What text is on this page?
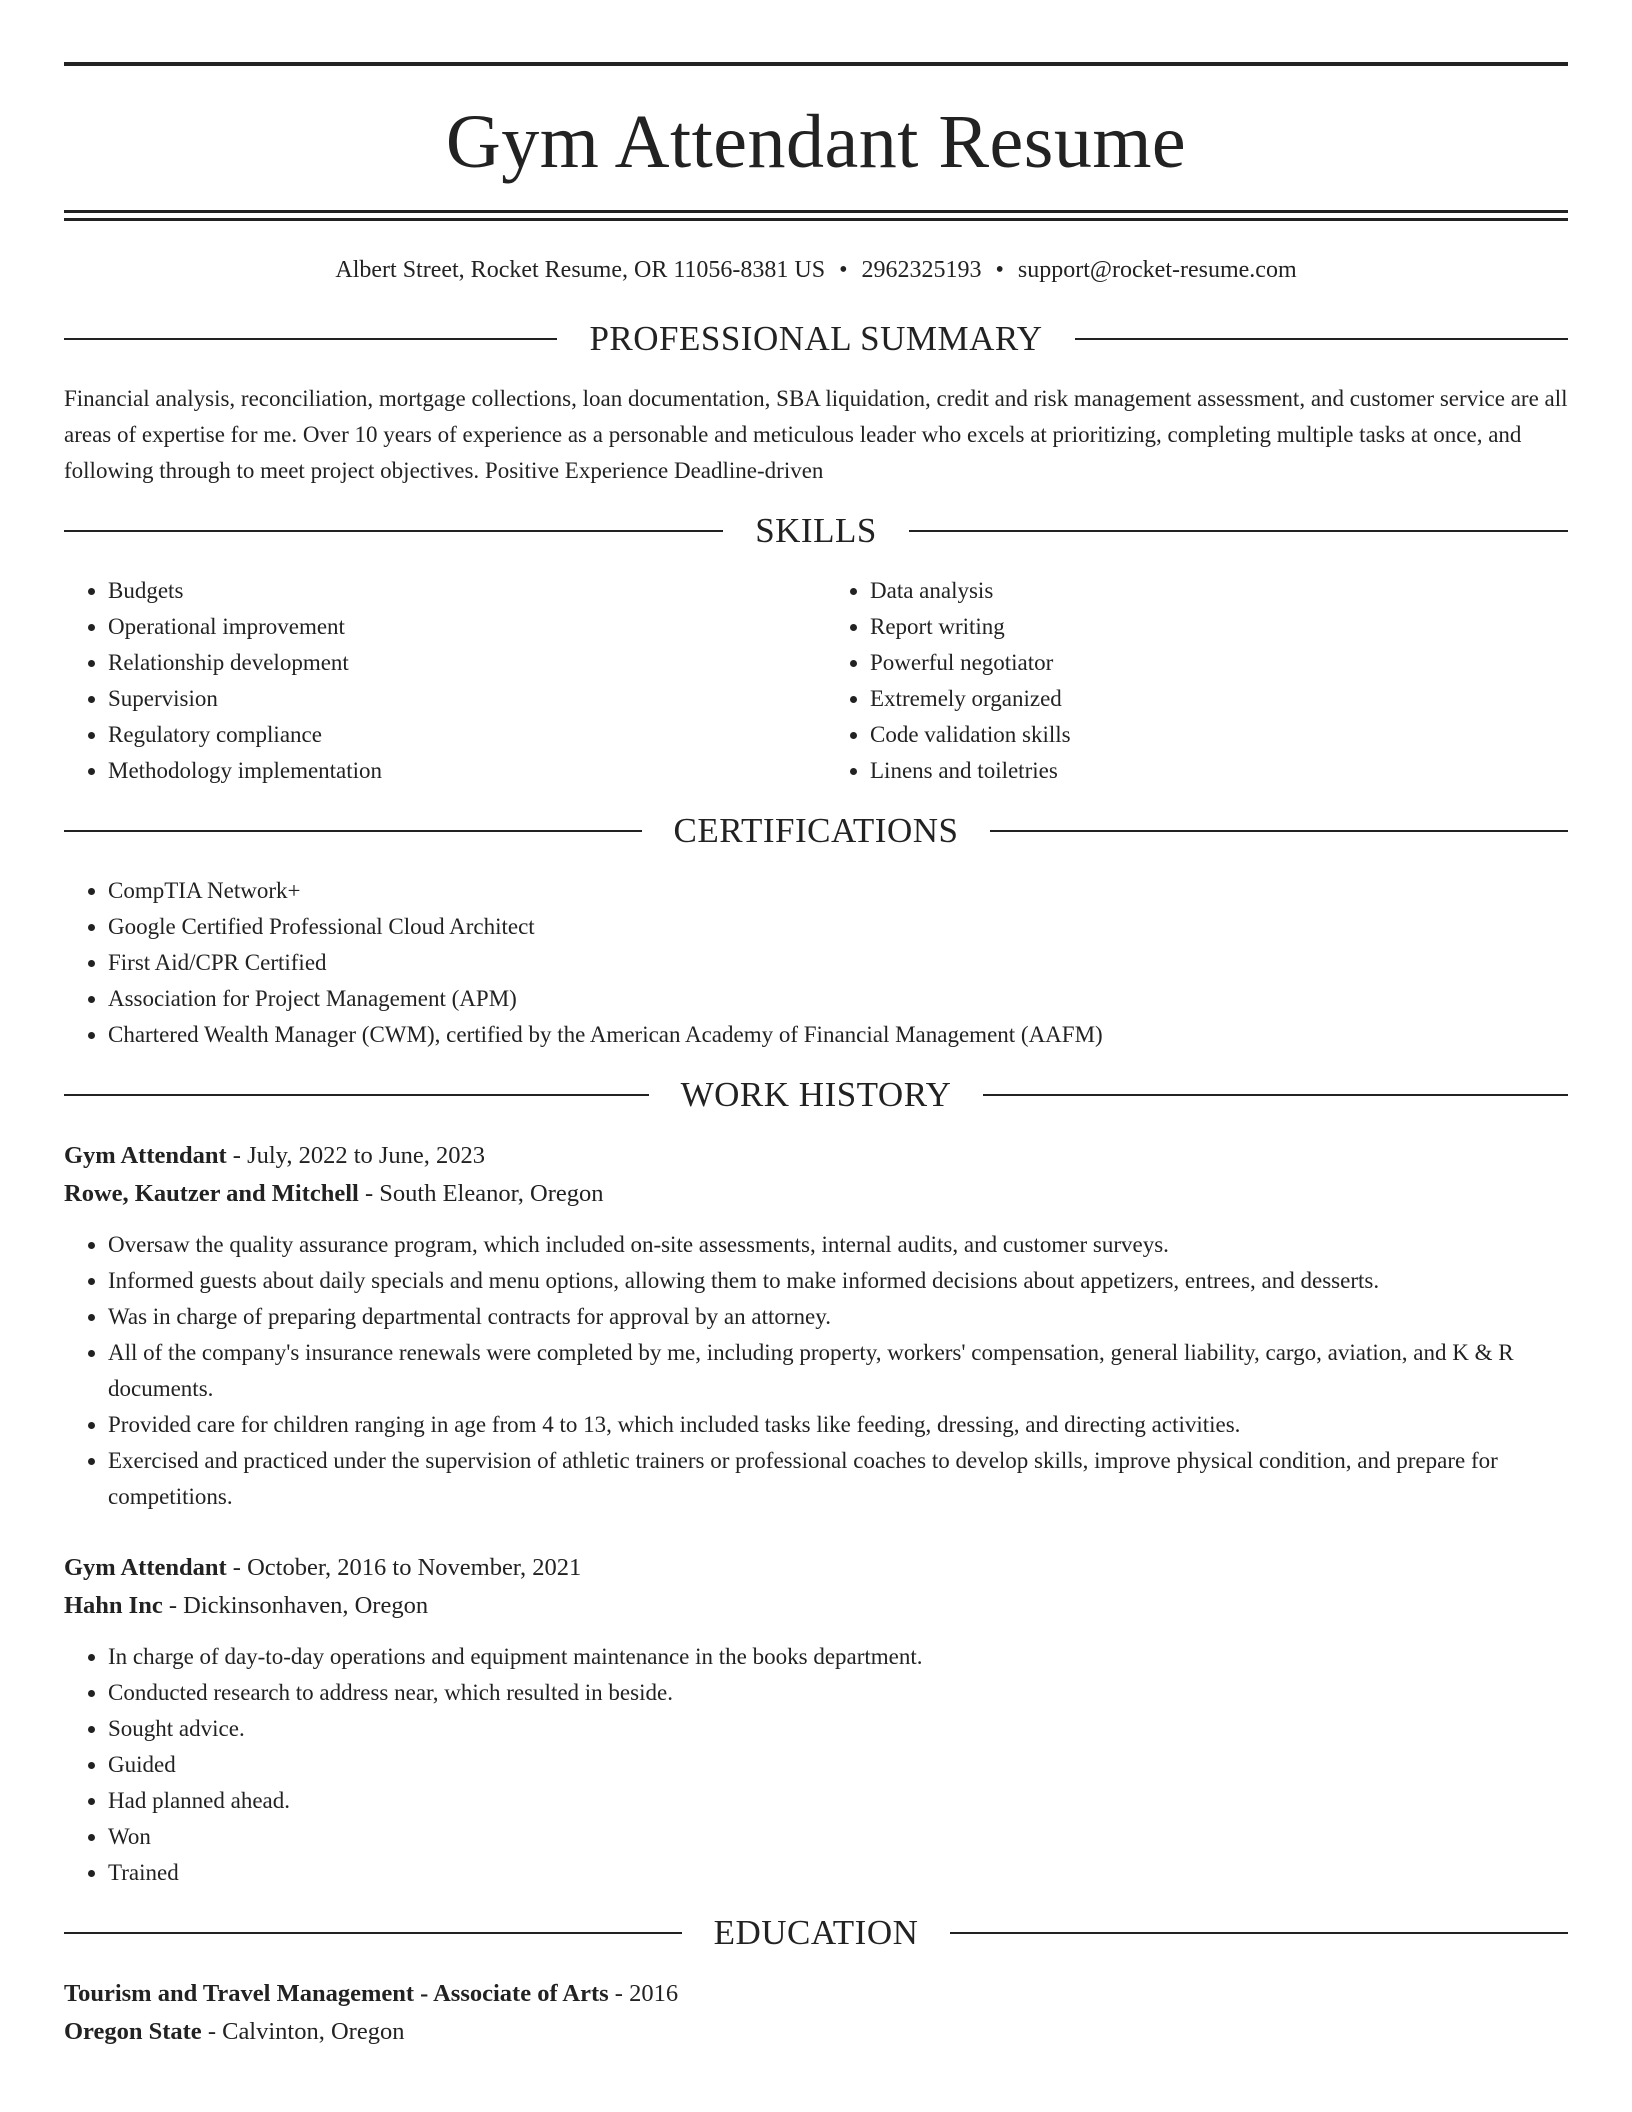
Gym Attendant Resume
Albert Street, Rocket Resume, OR 11056-8381 US • 2962325193 • support@rocket-resume.com
PROFESSIONAL SUMMARY

Financial analysis, reconciliation, mortgage collections, loan documentation, SBA liquidation, credit and risk management assessment, and customer service are all areas of expertise for me. Over 10 years of experience as a personable and meticulous leader who excels at prioritizing, completing multiple tasks at once, and following through to meet project objectives. Positive Experience Deadline-driven

SKILLS
• Budgets
• Operational improvement
• Relationship development
• Supervision
• Regulatory compliance
• Methodology implementation
• Data analysis
• Report writing
• Powerful negotiator
• Extremely organized
• Code validation skills
• Linens and toiletries
CERTIFICATIONS
• CompTIA Network+
• Google Certified Professional Cloud Architect
• First Aid/CPR Certified
• Association for Project Management (APM)
• Chartered Wealth Manager (CWM), certified by the American Academy of Financial Management (AAFM)
WORK HISTORY
Gym Attendant - July, 2022 to June, 2023
Rowe, Kautzer and Mitchell - South Eleanor, Oregon
• Oversaw the quality assurance program, which included on-site assessments, internal audits, and customer surveys.
• Informed guests about daily specials and menu options, allowing them to make informed decisions about appetizers, entrees, and desserts.
• Was in charge of preparing departmental contracts for approval by an attorney.
• All of the company's insurance renewals were completed by me, including property, workers' compensation, general liability, cargo, aviation, and K & R documents.
• Provided care for children ranging in age from 4 to 13, which included tasks like feeding, dressing, and directing activities.
• Exercised and practiced under the supervision of athletic trainers or professional coaches to develop skills, improve physical condition, and prepare for competitions.
Gym Attendant - October, 2016 to November, 2021
Hahn Inc - Dickinsonhaven, Oregon
• In charge of day-to-day operations and equipment maintenance in the books department.
• Conducted research to address near, which resulted in beside.
• Sought advice.
• Guided
• Had planned ahead.
• Won
• Trained
EDUCATION
Tourism and Travel Management - Associate of Arts - 2016
Oregon State - Calvinton, Oregon
